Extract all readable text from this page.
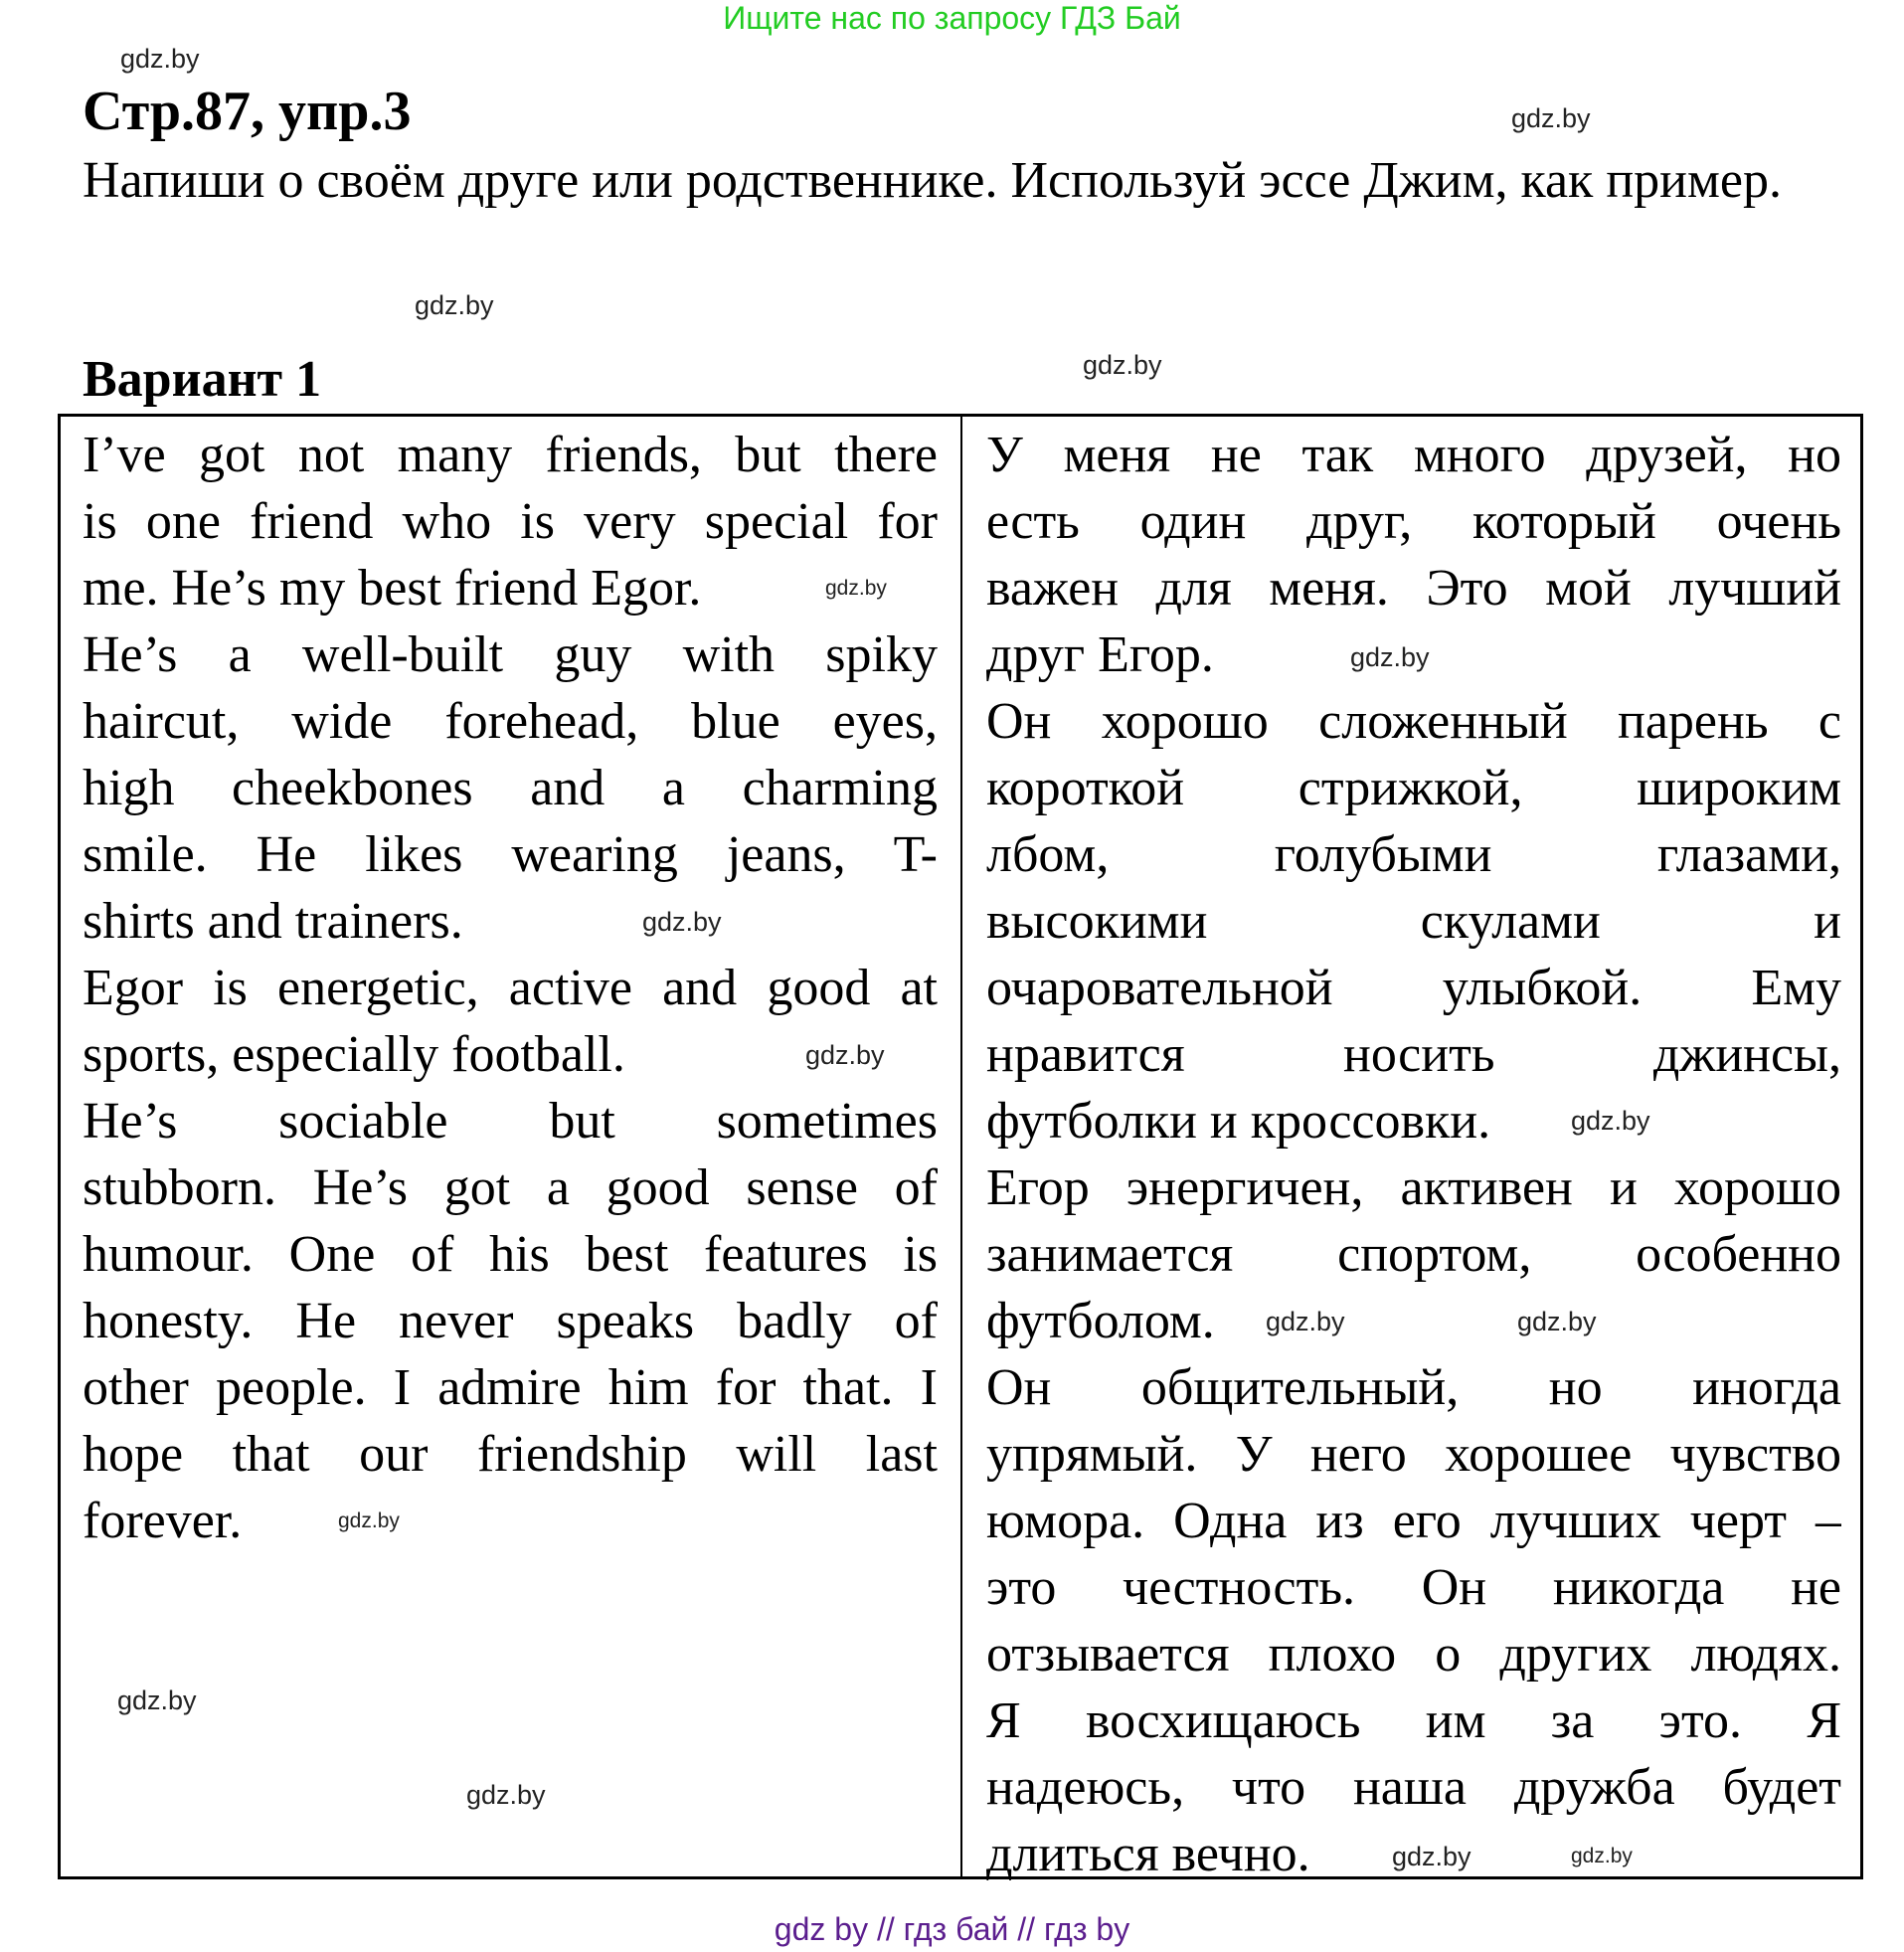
Ищите нас по запросу ГДЗ Бай
Стр.87, упр.3
Напиши о своём друге или родственнике. Используй эссе Джим, как пример.
Вариант 1
I’ve got not many friends, but there
is one friend who is very special for
me. He’s my best friend Egor.
He’s a well-built guy with spiky
haircut, wide forehead, blue eyes,
high cheekbones and a charming
smile. He likes wearing jeans, T-
shirts and trainers.
Egor is energetic, active and good at
sports, especially football.
He’s sociable but sometimes
stubborn. He’s got a good sense of
humour. One of his best features is
honesty. He never speaks badly of
other people. I admire him for that. I
hope that our friendship will last
forever.
У меня не так много друзей, но
есть один друг, который очень
важен для меня. Это мой лучший
друг Егор.
Он хорошо сложенный парень с
короткой стрижкой, широким
лбом, голубыми глазами,
высокими скулами и
очаровательной улыбкой. Ему
нравится носить джинсы,
футболки и кроссовки.
Егор энергичен, активен и хорошо
занимается спортом, особенно
футболом.
Он общительный, но иногда
упрямый. У него хорошее чувство
юмора. Одна из его лучших черт –
это честность. Он никогда не
отзывается плохо о других людях.
Я восхищаюсь им за это. Я
надеюсь, что наша дружба будет
длиться вечно.
gdz.by
gdz.by
gdz.by
gdz.by
gdz.by
gdz.by
gdz.by
gdz.by
gdz.by
gdz.by
gdz.by	gdz.by
gdz.by
gdz.by
gdz.by
gdz.by
gdz by // гдз бай // гдз by
